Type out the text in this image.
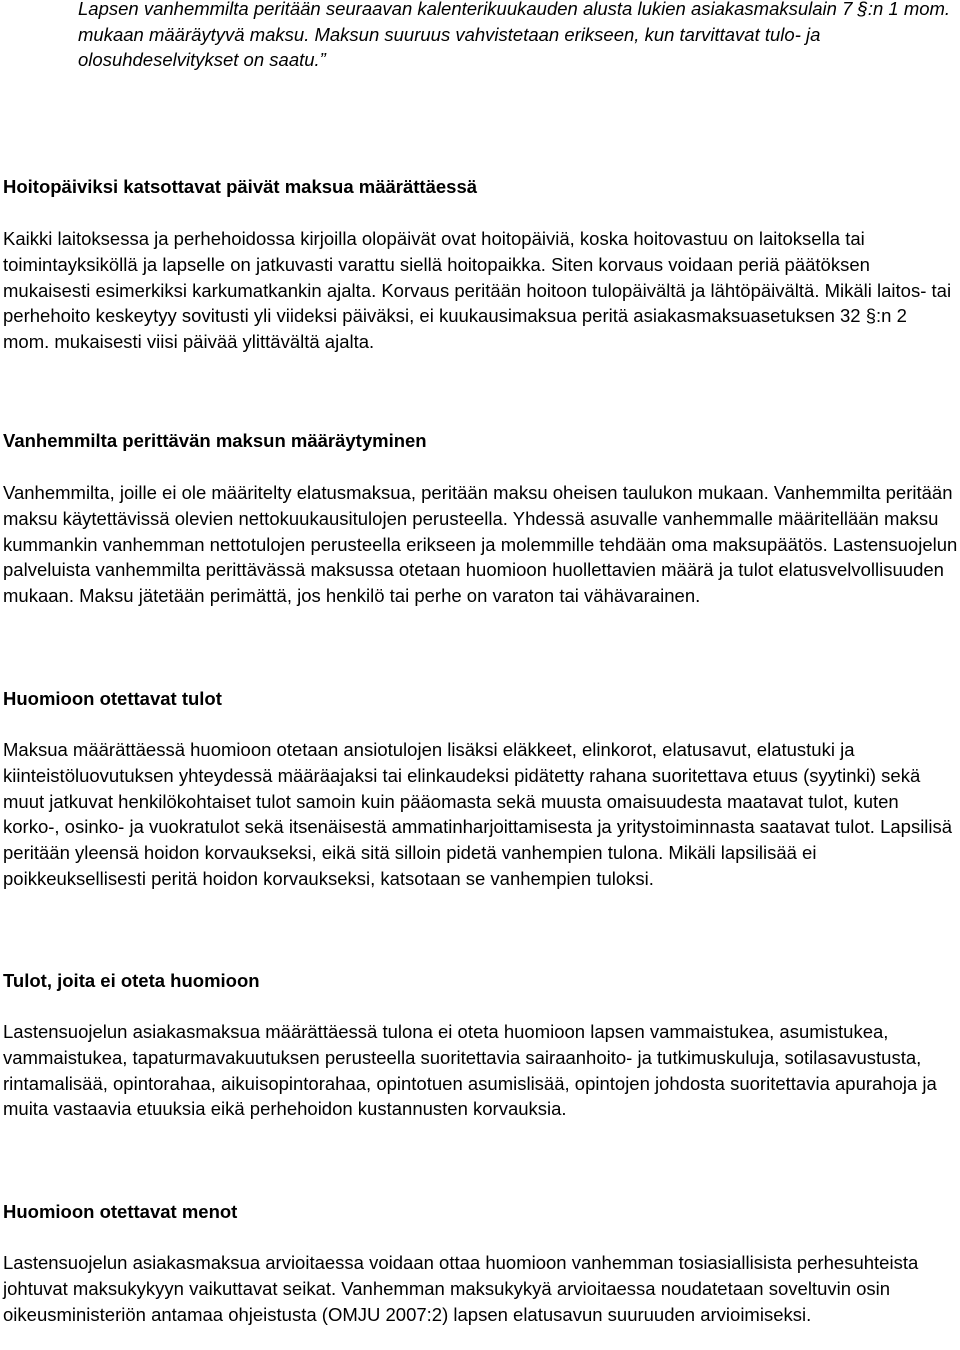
Lapsen vanhemmilta peritään seuraavan kalenterikuukauden alusta lukien asiakasmaksulain 7 §:n 1 mom. mukaan määräytyvä maksu. Maksun suuruus vahvistetaan erikseen, kun tarvittavat tulo- ja olosuhdeselvitykset on saatu.”

Hoitopäiviksi katsottavat päivät maksua määrättäessä

Kaikki laitoksessa ja perhehoidossa kirjoilla olopäivät ovat hoitopäiviä, koska hoitovastuu on laitoksella tai toimintayksiköllä ja lapselle on jatkuvasti varattu siellä hoitopaikka. Siten korvaus voidaan periä päätöksen mukaisesti esimerkiksi karkumatkankin ajalta. Korvaus peritään hoitoon tulopäivältä ja lähtöpäivältä. Mikäli laitos- tai perhehoito keskeytyy sovitusti yli viideksi päiväksi, ei kuukausimaksua peritä asiakasmaksuasetuksen 32 §:n 2 mom. mukaisesti viisi päivää ylittävältä ajalta.

Vanhemmilta perittävän maksun määräytyminen

Vanhemmilta, joille ei ole määritelty elatusmaksua, peritään maksu oheisen taulukon mukaan. Vanhemmilta peritään maksu käytettävissä olevien nettokuukausitulojen perusteella. Yhdessä asuvalle vanhemmalle määritellään maksu kummankin vanhemman nettotulojen perusteella erikseen ja molemmille tehdään oma maksupäätös. Lastensuojelun palveluista vanhemmilta perittävässä maksussa otetaan huomioon huollettavien määrä ja tulot elatusvelvollisuuden mukaan. Maksu jätetään perimättä, jos henkilö tai perhe on varaton tai vähävarainen.

Huomioon otettavat tulot

Maksua määrättäessä huomioon otetaan ansiotulojen lisäksi eläkkeet, elinkorot, elatusavut, elatustuki ja kiinteistöluovutuksen yhteydessä määräajaksi tai elinkaudeksi pidätetty rahana suoritettava etuus (syytinki) sekä muut jatkuvat henkilökohtaiset tulot samoin kuin pääomasta sekä muusta omaisuudesta maatavat tulot, kuten korko-, osinko- ja vuokratulot sekä itsenäisestä ammatinharjoittamisesta ja yritystoiminnasta saatavat tulot. Lapsilisä peritään yleensä hoidon korvaukseksi, eikä sitä silloin pidetä vanhempien tulona. Mikäli lapsilisää ei poikkeuksellisesti peritä hoidon korvaukseksi, katsotaan se vanhempien tuloksi.

Tulot, joita ei oteta huomioon

Lastensuojelun asiakasmaksua määrättäessä tulona ei oteta huomioon lapsen vammaistukea, asumistukea, vammaistukea, tapaturmavakuutuksen perusteella suoritettavia sairaanhoito- ja tutkimuskuluja, sotilasavustusta, rintamalisää, opintorahaa, aikuisopintorahaa, opintotuen asumislisää, opintojen johdosta suoritettavia apurahoja ja muita vastaavia etuuksia eikä perhehoidon kustannusten korvauksia.

Huomioon otettavat menot

Lastensuojelun asiakasmaksua arvioitaessa voidaan ottaa huomioon vanhemman tosiasiallisista perhesuhteista johtuvat maksukykyyn vaikuttavat seikat. Vanhemman maksukykyä arvioitaessa noudatetaan soveltuvin osin oikeusministeriön antamaa ohjeistusta (OMJU 2007:2) lapsen elatusavun suuruuden arvioimiseksi.
